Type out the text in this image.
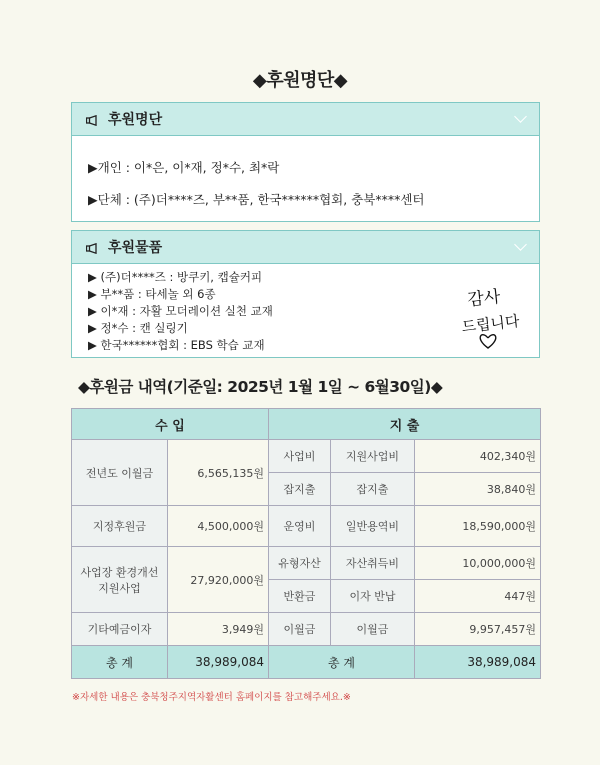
◆후원명단◆
후원명단
▶개인 : 이*은, 이*재, 정*수, 최*락
▶단체 : (주)더****즈, 부**품, 한국******협회, 충북****센터
후원물품
▶ (주)더****즈 : 방쿠키, 캡슐커피
▶ 부**품 : 타세놀 외 6종
▶ 이*재 : 자활 모더레이션 실천 교재
▶ 정*수 : 캔 실링기
▶ 한국******협회 : EBS 학습 교재
감사
드립니다
◆후원금 내역(기준일: 2025년 1월 1일 ~ 6월30일)◆
수 입		지 출		
전년도 이월금	6,565,135원	사업비	지원사업비	402,340원
		잡지출	잡지출	38,840원
지정후원금	4,500,000원	운영비	일반용역비	18,590,000원
사업장 환경개선 지원사업	27,920,000원	유형자산	자산취득비	10,000,000원
		반환금	이자 반납	447원
기타예금이자	3,949원	이월금	이월금	9,957,457원
총 계	38,989,084	총 계		38,989,084
※자세한 내용은 충북청주지역자활센터 홈페이지를 참고해주세요.※
